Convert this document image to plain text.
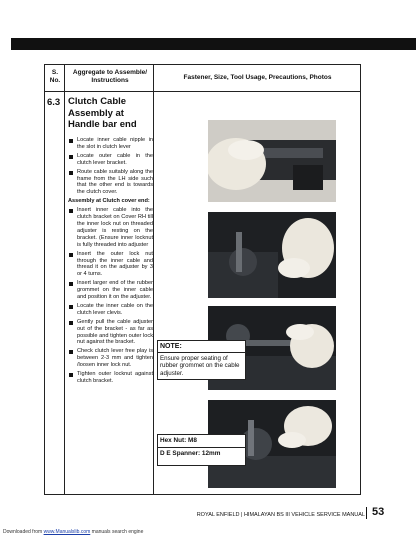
S. No.
Aggregate to Assemble/ Instructions	Fastener, Size, Tool Usage, Precautions, Photos
6.3 Clutch Cable Assembly at Handle bar end
Locate inner cable nipple in the slot in clutch lever
Locate outer cable in the clutch lever bracket.
Route cable suitably along the frame from the LH side such that the other end is towards the clutch cover.
Assembly at Clutch cover end:
Insert inner cable into the clutch bracket on Cover RH till the inner lock nut on threaded adjuster is resting on the bracket. (Ensure inner locknut is fully threaded into adjuster
Insert the outer lock nut through the inner cable and thread it on the adjuster by 3 or 4 turns.
Insert larger end of the rubber grommet on the inner cable and position it on the adjuster.
Locate the inner cable on the clutch lever clevis.
Gently pull the cable adjuster out of the bracket - as far as possible and tighten outer lock nut against the bracket.
Check clutch lever free play is between 2-3 mm and tighten /loosen inner lock nut.
Tighten outer locknut against clutch bracket.
NOTE:
Ensure proper seating of rubber grommet on the cable adjuster.
Hex Nut: M8
D E Spanner: 12mm
ROYAL ENFIELD | HIMALAYAN BS III VEHICLE SERVICE MANUAL 53
Downloaded from www.Manualslib.com manuals search engine
